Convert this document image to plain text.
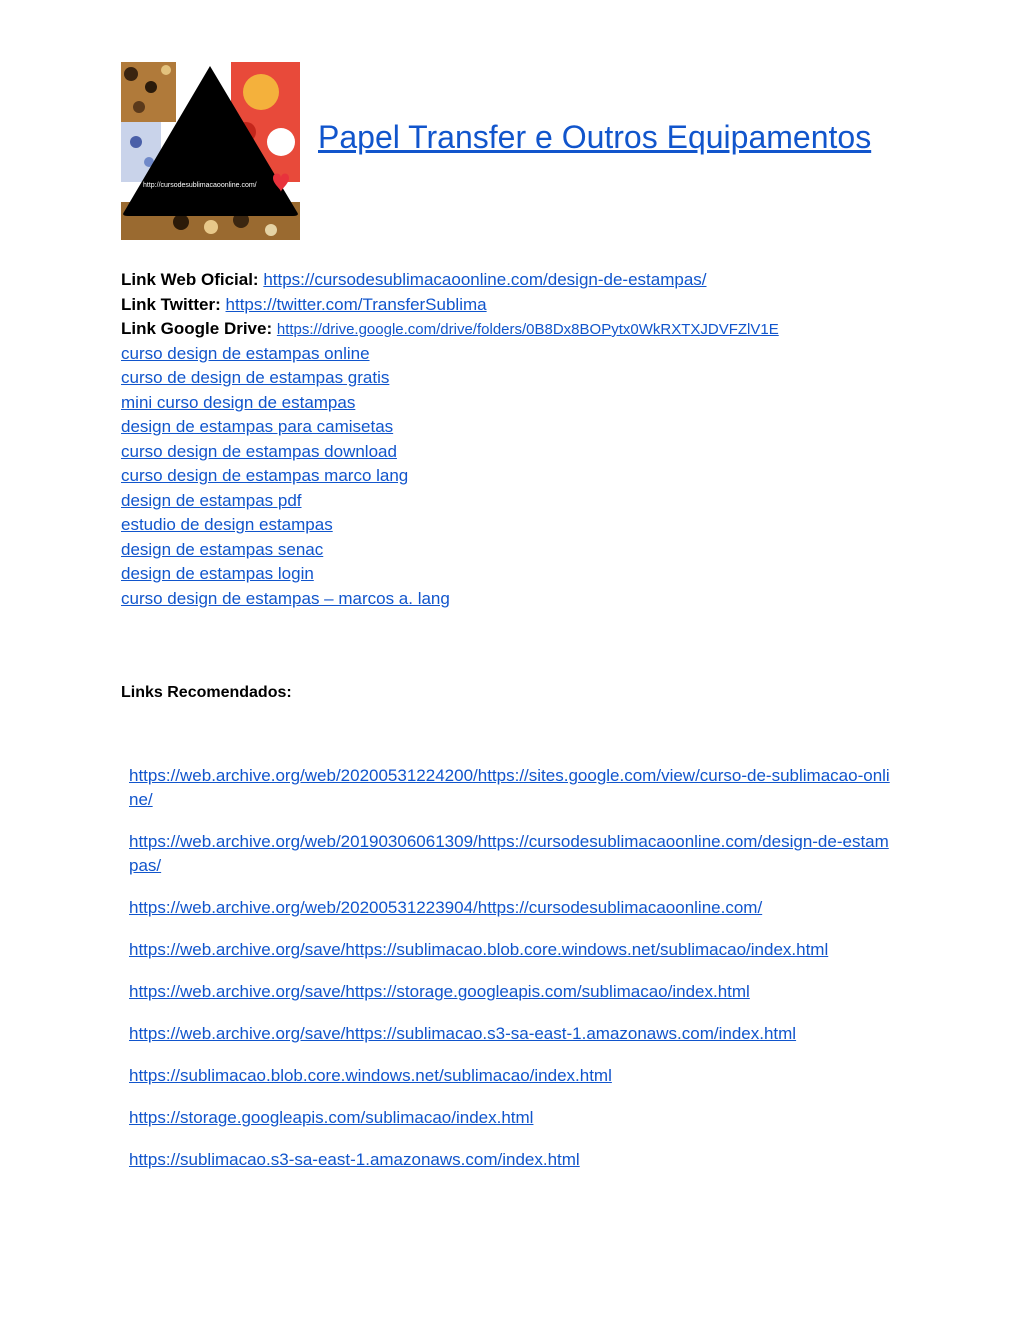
http://cursodesublimacaoonline.com/
Papel Transfer e Outros Equipamentos
Link Web Oficial: https://cursodesublimacaoonline.com/design-de-estampas/
Link Twitter: https://twitter.com/TransferSublima
Link Google Drive: https://drive.google.com/drive/folders/0B8Dx8BOPytx0WkRXTXJDVFZlV1E
curso design de estampas online
curso de design de estampas gratis
mini curso design de estampas
design de estampas para camisetas
curso design de estampas download
curso design de estampas marco lang
design de estampas pdf
estudio de design estampas
design de estampas senac
design de estampas login
curso design de estampas – marcos a. lang
Links Recomendados:
https://web.archive.org/web/20200531224200/https://sites.google.com/view/curso-de-sublimacao-online/
https://web.archive.org/web/20190306061309/https://cursodesublimacaoonline.com/design-de-estampas/
https://web.archive.org/web/20200531223904/https://cursodesublimacaoonline.com/
https://web.archive.org/save/https://sublimacao.blob.core.windows.net/sublimacao/index.html
https://web.archive.org/save/https://storage.googleapis.com/sublimacao/index.html
https://web.archive.org/save/https://sublimacao.s3-sa-east-1.amazonaws.com/index.html
https://sublimacao.blob.core.windows.net/sublimacao/index.html
https://storage.googleapis.com/sublimacao/index.html
https://sublimacao.s3-sa-east-1.amazonaws.com/index.html
